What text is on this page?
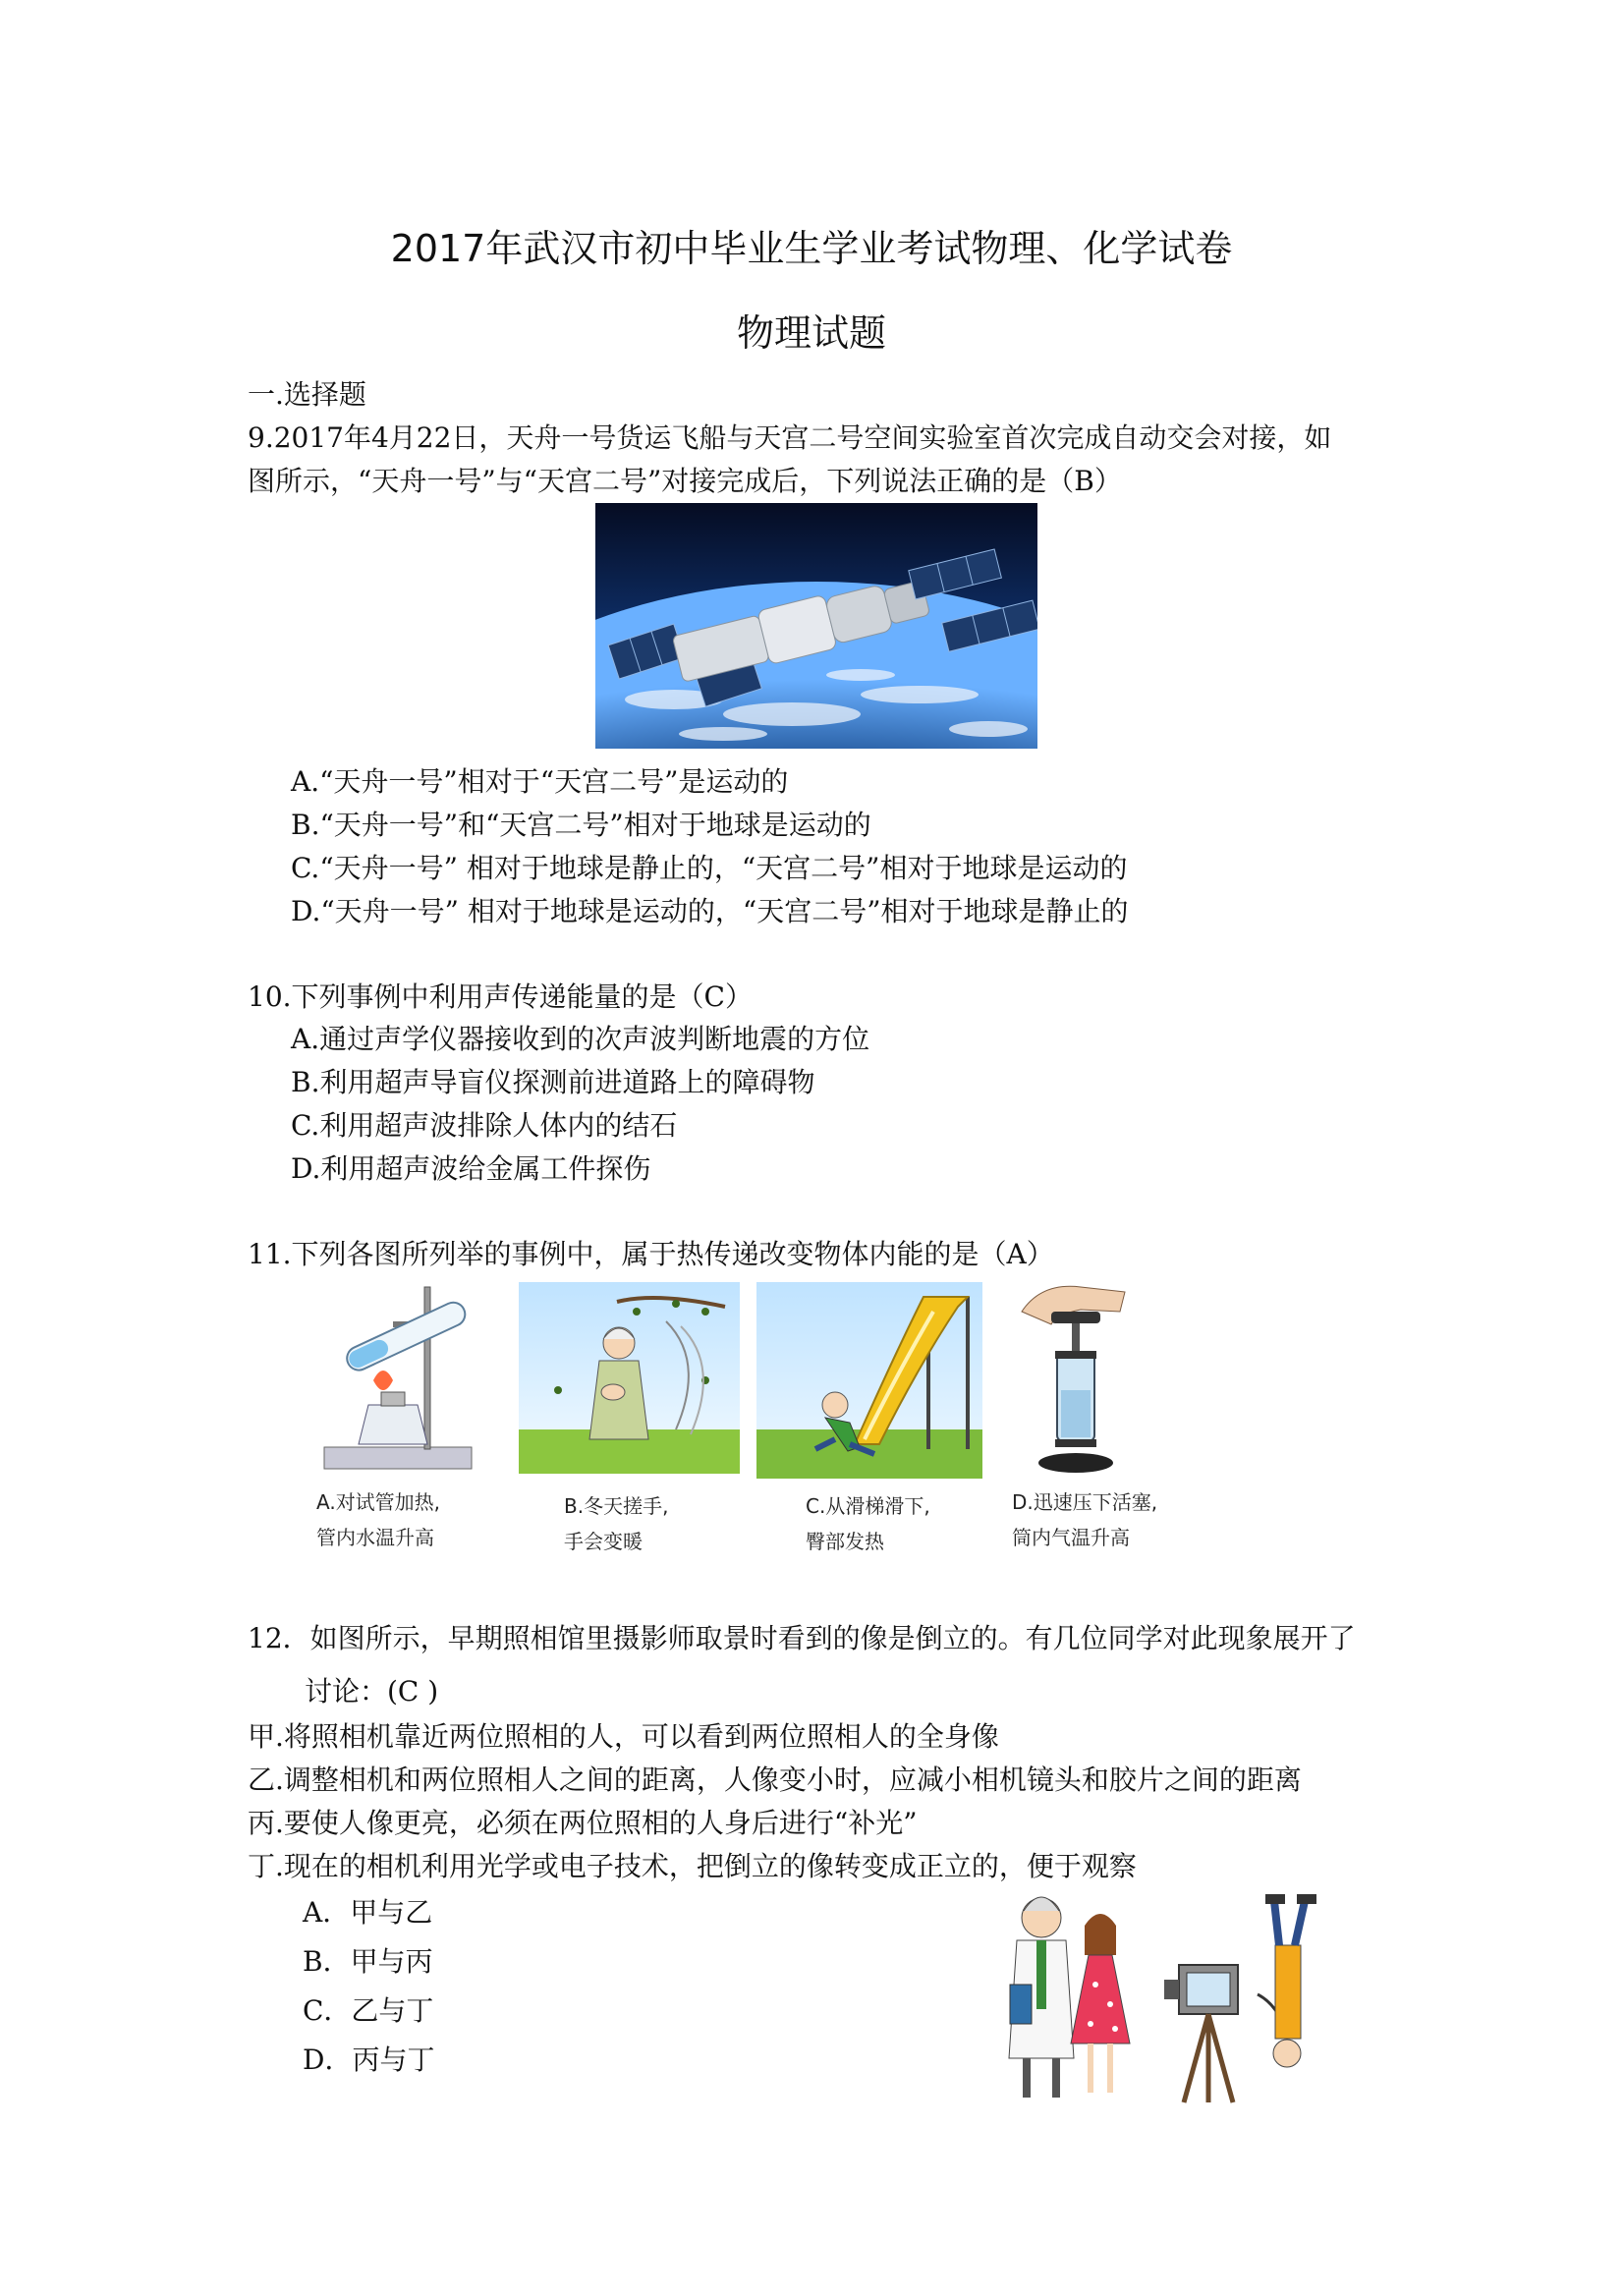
2017年武汉市初中毕业生学业考试物理、化学试卷
物理试题
一.选择题
9.2017年4月22日，天舟一号货运飞船与天宫二号空间实验室首次完成自动交会对接，如
图所示，“天舟一号”与“天宫二号”对接完成后，下列说法正确的是（B）
A.“天舟一号”相对于“天宫二号”是运动的
B.“天舟一号”和“天宫二号”相对于地球是运动的
C.“天舟一号” 相对于地球是静止的，“天宫二号”相对于地球是运动的
D.“天舟一号” 相对于地球是运动的，“天宫二号”相对于地球是静止的
10.下列事例中利用声传递能量的是（C）
A.通过声学仪器接收到的次声波判断地震的方位
B.利用超声导盲仪探测前进道路上的障碍物
C.利用超声波排除人体内的结石
D.利用超声波给金属工件探伤
11.下列各图所列举的事例中，属于热传递改变物体内能的是（A）
A.对试管加热,
管内水温升高
B.冬天搓手,
手会变暖
C.从滑梯滑下,
臀部发热
D.迅速压下活塞,
筒内气温升高
12．如图所示，早期照相馆里摄影师取景时看到的像是倒立的。有几位同学对此现象展开了
讨论：(C )
甲.将照相机靠近两位照相的人，可以看到两位照相人的全身像
乙.调整相机和两位照相人之间的距离，人像变小时，应减小相机镜头和胶片之间的距离
丙.要使人像更亮，必须在两位照相的人身后进行“补光”
丁.现在的相机利用光学或电子技术，把倒立的像转变成正立的，便于观察
A．甲与乙
B．甲与丙
C．乙与丁
D．丙与丁
